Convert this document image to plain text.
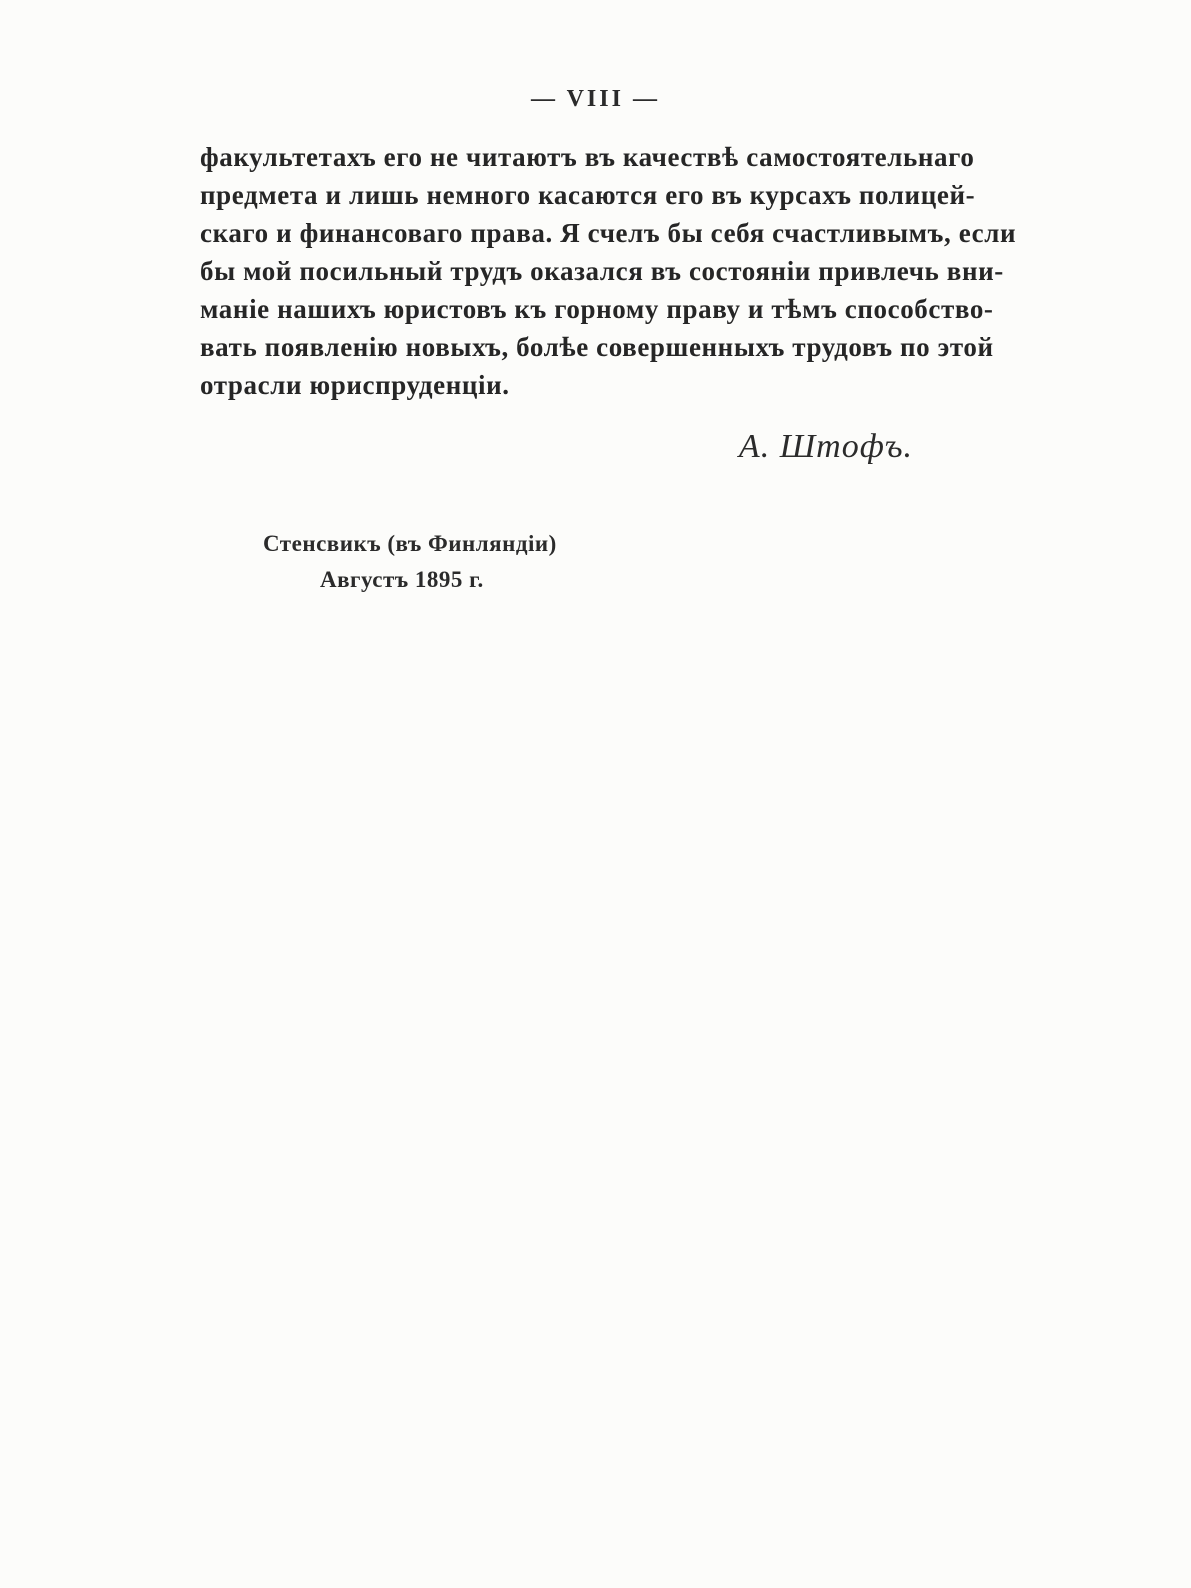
— VIII —
факультетахъ его не читаютъ въ качествѣ самостоятельнаго
предмета и лишь немного касаются его въ курсахъ полицей-
скаго и финансоваго права. Я счелъ бы себя счастливымъ, если
бы мой посильный трудъ оказался въ состояніи привлечь вни-
маніе нашихъ юристовъ къ горному праву и тѣмъ способство-
вать появленію новыхъ, болѣе совершенныхъ трудовъ по этой
отрасли юриспруденціи.
А. Штофъ.
Стенсвикъ (въ Финляндіи)
Августъ 1895 г.
